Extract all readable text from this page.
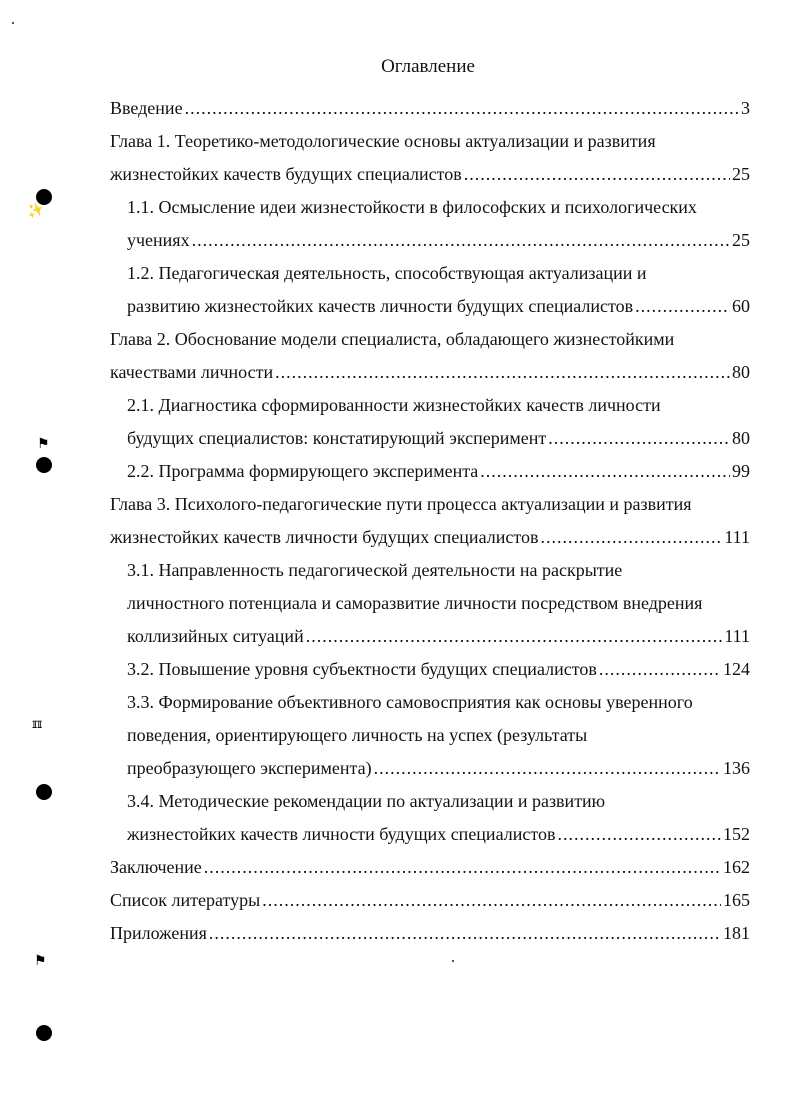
Оглавление
Введение .....	3
Глава 1. Теоретико-методологические основы актуализации и развития
жизнестойких качеств будущих специалистов .....	25
1.1. Осмысление идеи жизнестойкости в философских и психологических
учениях .....	25
1.2. Педагогическая деятельность, способствующая актуализации и
развитию жизнестойких качеств личности будущих специалистов .....	60
Глава 2. Обоснование модели специалиста, обладающего жизнестойкими
качествами личности .....	80
2.1. Диагностика сформированности жизнестойких качеств личности
будущих специалистов: констатирующий эксперимент .....	80
2.2. Программа формирующего эксперимента .....	99
Глава 3. Психолого-педагогические пути процесса актуализации и развития
жизнестойких качеств личности будущих специалистов .....	111
3.1. Направленность педагогической деятельности на раскрытие
личностного потенциала и саморазвитие личности посредством внедрения
коллизийных ситуаций .....	111
3.2. Повышение уровня субъектности будущих специалистов .....	124
3.3. Формирование объективного самовосприятия как основы уверенного
поведения, ориентирующего личность на успех (результаты
преобразующего эксперимента) .....	136
3.4. Методические рекомендации по актуализации и развитию
жизнестойких качеств личности будущих специалистов .....	152
Заключение .....	162
Список литературы .....	165
Приложения .....	181
✨
⚑
ℼ
⚑
